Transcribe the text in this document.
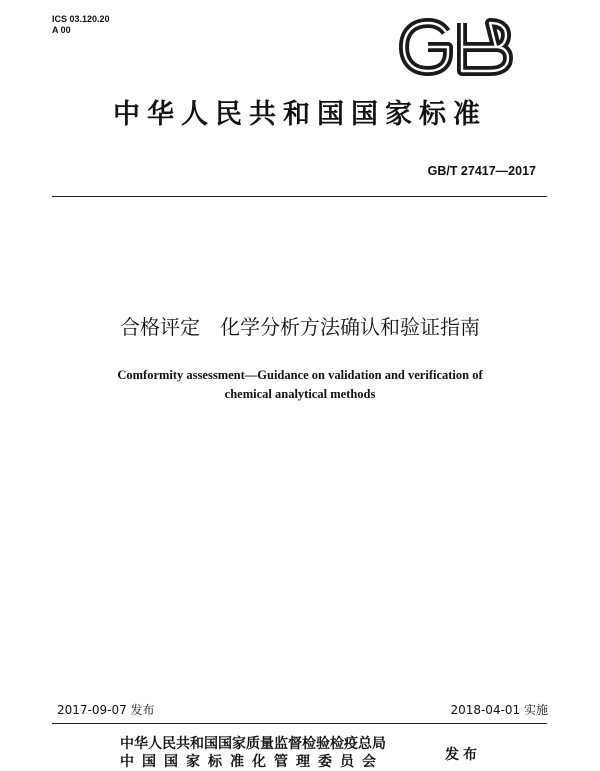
ICS 03.120.20
A 00
中华人民共和国国家标准
GB/T 27417—2017
合格评定　化学分析方法确认和验证指南
Comformity assessment—Guidance on validation and verification of
chemical analytical methods
2017-09-07 发布	2018-04-01 实施
中华人民共和国国家质量监督检验检疫总局
中国国家标准化管理委员会	发布
